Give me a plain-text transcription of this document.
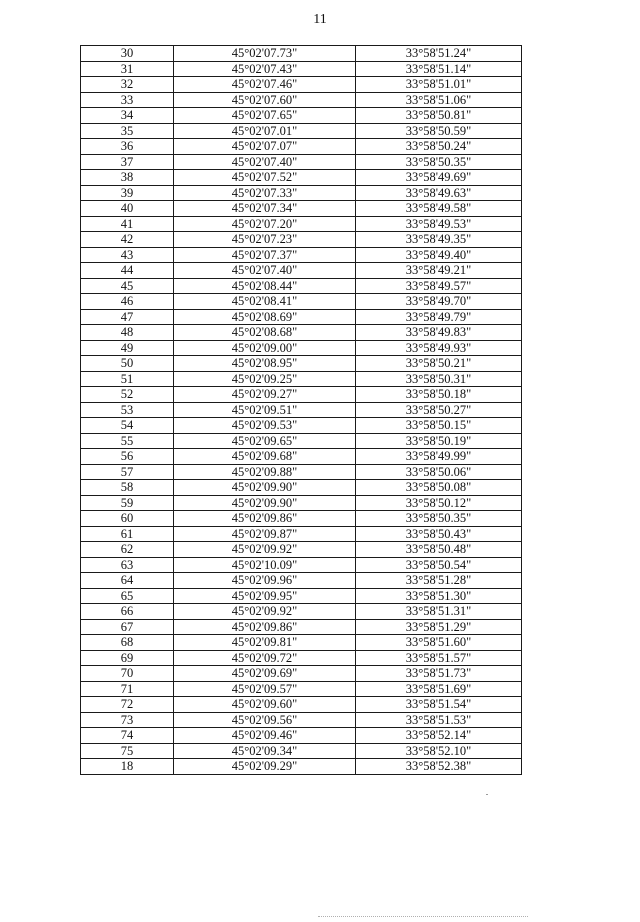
11
30	45°02'07.73"	33°58'51.24"
31	45°02'07.43"	33°58'51.14"
32	45°02'07.46"	33°58'51.01"
33	45°02'07.60"	33°58'51.06"
34	45°02'07.65"	33°58'50.81"
35	45°02'07.01"	33°58'50.59"
36	45°02'07.07"	33°58'50.24"
37	45°02'07.40"	33°58'50.35"
38	45°02'07.52"	33°58'49.69"
39	45°02'07.33"	33°58'49.63"
40	45°02'07.34"	33°58'49.58"
41	45°02'07.20"	33°58'49.53"
42	45°02'07.23"	33°58'49.35"
43	45°02'07.37"	33°58'49.40"
44	45°02'07.40"	33°58'49.21"
45	45°02'08.44"	33°58'49.57"
46	45°02'08.41"	33°58'49.70"
47	45°02'08.69"	33°58'49.79"
48	45°02'08.68"	33°58'49.83"
49	45°02'09.00"	33°58'49.93"
50	45°02'08.95"	33°58'50.21"
51	45°02'09.25"	33°58'50.31"
52	45°02'09.27"	33°58'50.18"
53	45°02'09.51"	33°58'50.27"
54	45°02'09.53"	33°58'50.15"
55	45°02'09.65"	33°58'50.19"
56	45°02'09.68"	33°58'49.99"
57	45°02'09.88"	33°58'50.06"
58	45°02'09.90"	33°58'50.08"
59	45°02'09.90"	33°58'50.12"
60	45°02'09.86"	33°58'50.35"
61	45°02'09.87"	33°58'50.43"
62	45°02'09.92"	33°58'50.48"
63	45°02'10.09"	33°58'50.54"
64	45°02'09.96"	33°58'51.28"
65	45°02'09.95"	33°58'51.30"
66	45°02'09.92"	33°58'51.31"
67	45°02'09.86"	33°58'51.29"
68	45°02'09.81"	33°58'51.60"
69	45°02'09.72"	33°58'51.57"
70	45°02'09.69"	33°58'51.73"
71	45°02'09.57"	33°58'51.69"
72	45°02'09.60"	33°58'51.54"
73	45°02'09.56"	33°58'51.53"
74	45°02'09.46"	33°58'52.14"
75	45°02'09.34"	33°58'52.10"
18	45°02'09.29"	33°58'52.38"
